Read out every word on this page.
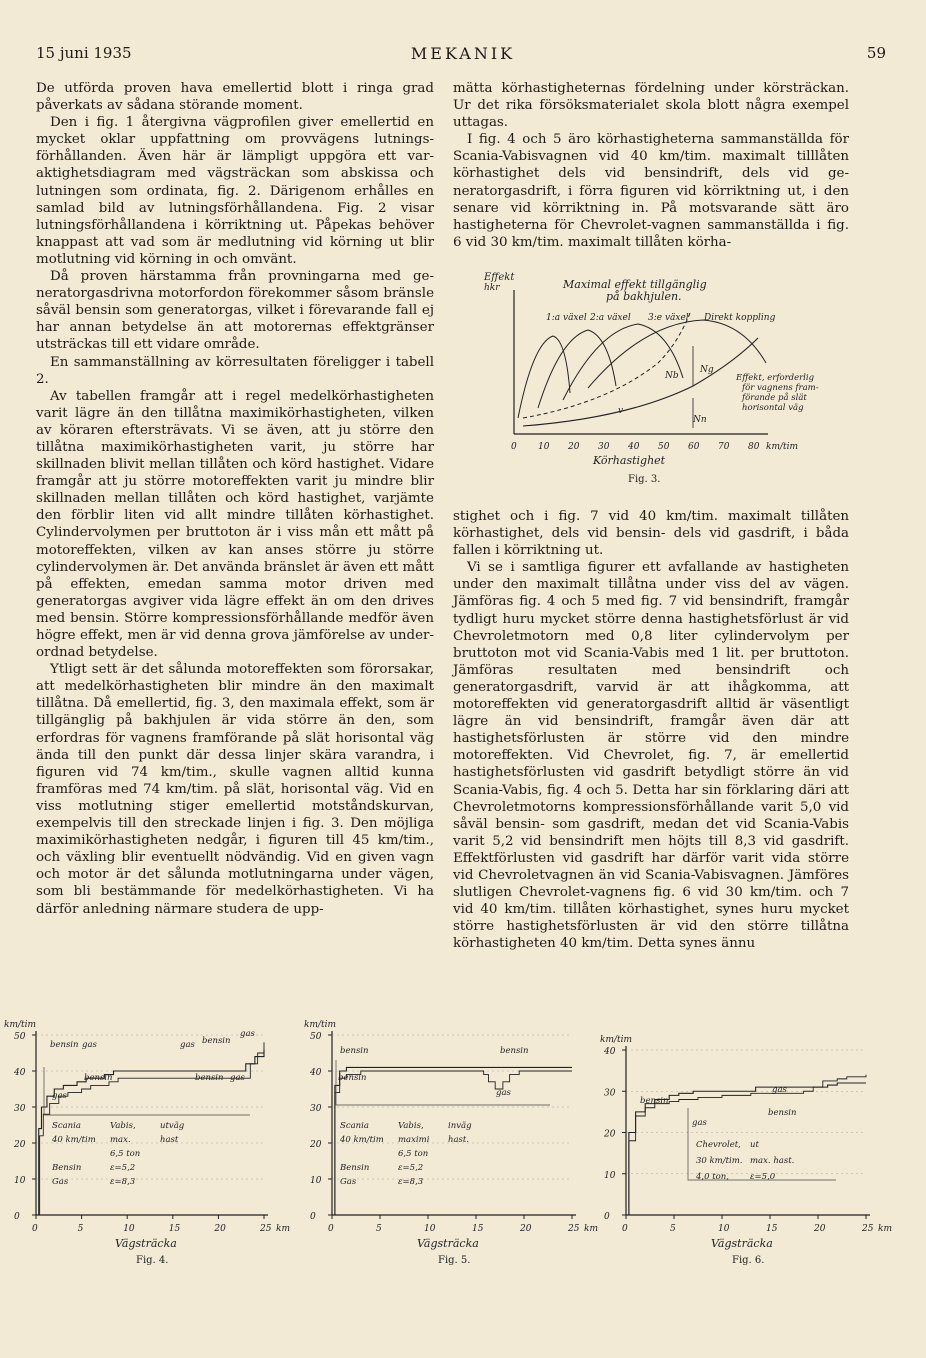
15 juni 1935	MEKANIK	59

De utförda proven hava emellertid blott i ringa grad påverkats av sådana störande moment.

Den i fig. 1 återgivna vägprofilen giver emellertid en mycket oklar uppfattning om provvägens lutningsförhållanden. Även här är lämpligt uppgöra ett varaktighetsdiagram med vägsträckan som abskissa och lutningen som ordinata, fig. 2. Därigenom erhålles en samlad bild av lutningsförhållandena. Fig. 2 visar lutningsförhållandena i körriktning ut. Påpekas behöver knappast att vad som är medlutning vid körning ut blir motlutning vid körning in och omvänt.

Då proven härstamma från provningarna med generatorgasdrivna motorfordon förekommer såsom bränsle såväl bensin som generatorgas, vilket i förevarande fall ej har annan betydelse än att motorernas effektgränser utsträckas till ett vidare område.

En sammanställning av körresultaten föreligger i tabell 2.

Av tabellen framgår att i regel medelkörhastigheten varit lägre än den tillåtna maximikörhastigheten, vilken av köraren eftersträvats. Vi se även, att ju större den tillåtna maximikörhastigheten varit, ju större har skillnaden blivit mellan tillåten och körd hastighet. Vidare framgår att ju större motoreffekten varit ju mindre blir skillnaden mellan tillåten och körd hastighet, varjämte den förblir liten vid allt mindre tillåten körhastighet. Cylindervolymen per bruttoton är i viss mån ett mått på motoreffekten, vilken av kan anses större ju större cylindervolymen är. Det använda bränslet är även ett mått på effekten, emedan samma motor driven med generatorgas avgiver vida lägre effekt än om den drives med bensin. Större kompressionsförhållande medför även högre effekt, men är vid denna grova jämförelse av underordnad betydelse.

Ytligt sett är det sålunda motoreffekten som förorsakar, att medelkörhastigheten blir mindre än den maximalt tillåtna. Då emellertid, fig. 3, den maximala effekt, som är tillgänglig på bakhjulen är vida större än den, som erfordras för vagnens framförande på slät horisontal väg ända till den punkt där dessa linjer skära varandra, i figuren vid 74 km/tim., skulle vagnen alltid kunna framföras med 74 km/tim. på slät, horisontal väg. Vid en viss motlutning stiger emellertid motståndskurvan, exempelvis till den streckade linjen i fig. 3. Den möjliga maximikörhastigheten nedgår, i figuren till 45 km/tim., och växling blir eventuellt nödvändig. Vid en given vagn och motor är det sålunda motlutningarna under vägen, som bli bestämmande för medelkörhastigheten. Vi ha därför anledning närmare studera de upp-

mätta körhastigheternas fördelning under körsträckan. Ur det rika försöksmaterialet skola blott några exempel uttagas.

I fig. 4 och 5 äro körhastigheterna sammanställda för Scania-Vabisvagnen vid 40 km/tim. maximalt tilllåten körhastighet dels vid bensindrift, dels vid generatorgasdrift, i förra figuren vid körriktning ut, i den senare vid körriktning in. På motsvarande sätt äro hastigheterna för Chevrolet-vagnen sammanställda i fig. 6 vid 30 km/tim. maximalt tillåten körha-

stighet och i fig. 7 vid 40 km/tim. maximalt tillåten körhastighet, dels vid bensin- dels vid gasdrift, i båda fallen i körriktning ut.

Vi se i samtliga figurer ett avfallande av hastigheten under den maximalt tillåtna under viss del av vägen. Jämföras fig. 4 och 5 med fig. 7 vid bensindrift, framgår tydligt huru mycket större denna hastighetsförlust är vid Chevroletmotorn med 0,8 liter cylindervolym per bruttoton mot vid Scania-Vabis med 1 lit. per bruttoton. Jämföras resultaten med bensindrift och generatorgasdrift, varvid är att ihågkomma, att motoreffekten vid generatorgasdrift alltid är väsentligt lägre än vid bensindrift, framgår även där att hastighetsförlusten är större vid den mindre motoreffekten. Vid Chevrolet, fig. 7, är emellertid hastighetsförlusten vid gasdrift betydligt större än vid Scania-Vabis, fig. 4 och 5. Detta har sin förklaring däri att Chevroletmotorns kompressionsförhållande varit 5,0 vid såväl bensin- som gasdrift, medan det vid Scania-Vabis varit 5,2 vid bensindrift men höjts till 8,3 vid gasdrift. Effektförlusten vid gasdrift har därför varit vida större vid Chevroletvagnen än vid Scania-Vabisvagnen. Jämföres slutligen Chevrolet-vagnens fig. 6 vid 30 km/tim. och 7 vid 40 km/tim. tillåten körhastighet, synes huru mycket större hastighetsförlusten är vid den större tillåtna körhastigheten 40 km/tim. Detta synes ännu

Effekt
hkr	Maximal effekt tillgänglig
på bakhjulen.
1:a växel 2:a växel 3:e växel Direkt koppling
Nb
Ng
Nn
v
Effekt, erforderlig
för vagnens fram-
förande på slät
horisontal väg
0 10 20 30 40 50 60 70 80 km/tim
Körhastighet
Fig. 3.
km/tim
0
10
20
30
40
50
0	5	10	15	20	25 km
Vägsträcka
Fig. 4.
bensin gas	gas bensin
gas
bensin	bensin gas
gas
Scania	Vabis,	utväg
40 km/tim max.	hast
6,5 ton
Bensin	ε=5,2
Gas	ε=8,3
km/tim
0
10
20
30
40
50
0	5	10	15	20	25 km
Vägsträcka
Fig. 5.
bensin	bensin
bensin
gas
Scania	Vabis,	inväg
40 km/tim maximi hast.
6,5 ton
Bensin	ε=5,2
Gas	ε=8,3
km/tim
0
10
20
30
40
0	5	10	15	20	25 km
Vägsträcka
Fig. 6.
bensin
gas
gas
bensin
Chevrolet, ut
30 km/tim. max. hast.
4,0 ton, ε=5,0
